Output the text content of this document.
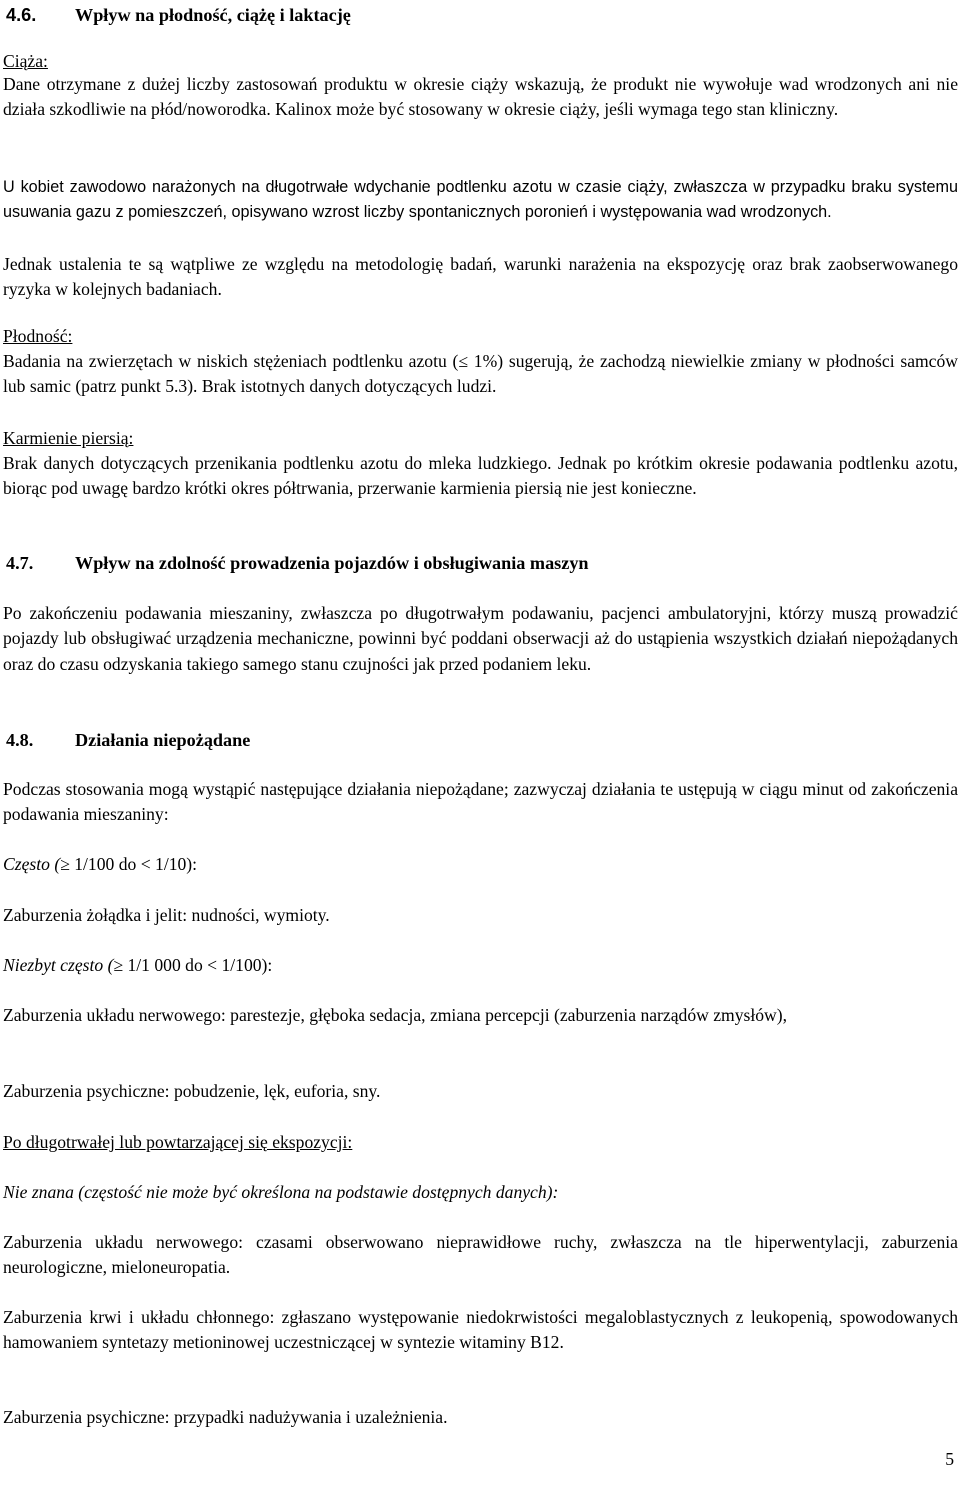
4.6. Wpływ na płodność, ciążę i laktację
Ciąża:

Dane otrzymane z dużej liczby zastosowań produktu w okresie ciąży wskazują, że produkt nie wywołuje wad wrodzonych ani nie działa szkodliwie na płód/noworodka. Kalinox może być stosowany w okresie ciąży, jeśli wymaga tego stan kliniczny.

U kobiet zawodowo narażonych na długotrwałe wdychanie podtlenku azotu w czasie ciąży, zwłaszcza w przypadku braku systemu usuwania gazu z pomieszczeń, opisywano wzrost liczby spontanicznych poronień i występowania wad wrodzonych.

Jednak ustalenia te są wątpliwe ze względu na metodologię badań, warunki narażenia na ekspozycję oraz brak zaobserwowanego ryzyka w kolejnych badaniach.

Płodność:

Badania na zwierzętach w niskich stężeniach podtlenku azotu (≤ 1%) sugerują, że zachodzą niewielkie zmiany w płodności samców lub samic (patrz punkt 5.3). Brak istotnych danych dotyczących ludzi.

Karmienie piersią:

Brak danych dotyczących przenikania podtlenku azotu do mleka ludzkiego. Jednak po krótkim okresie podawania podtlenku azotu, biorąc pod uwagę bardzo krótki okres półtrwania, przerwanie karmienia piersią nie jest konieczne.

4.7. Wpływ na zdolność prowadzenia pojazdów i obsługiwania maszyn

Po zakończeniu podawania mieszaniny, zwłaszcza po długotrwałym podawaniu, pacjenci ambulatoryjni, którzy muszą prowadzić pojazdy lub obsługiwać urządzenia mechaniczne, powinni być poddani obserwacji aż do ustąpienia wszystkich działań niepożądanych oraz do czasu odzyskania takiego samego stanu czujności jak przed podaniem leku.

4.8. Działania niepożądane

Podczas stosowania mogą wystąpić następujące działania niepożądane; zazwyczaj działania te ustępują w ciągu minut od zakończenia podawania mieszaniny:

Często (≥ 1/100 do < 1/10):

Zaburzenia żołądka i jelit: nudności, wymioty.

Niezbyt często (≥ 1/1 000 do < 1/100):

Zaburzenia układu nerwowego: parestezje, głęboka sedacja, zmiana percepcji (zaburzenia narządów zmysłów),

Zaburzenia psychiczne: pobudzenie, lęk, euforia, sny.

Po długotrwałej lub powtarzającej się ekspozycji:
Nie znana (częstość nie może być określona na podstawie dostępnych danych):

Zaburzenia układu nerwowego: czasami obserwowano nieprawidłowe ruchy, zwłaszcza na tle hiperwentylacji, zaburzenia neurologiczne, mieloneuropatia.

Zaburzenia krwi i układu chłonnego: zgłaszano występowanie niedokrwistości megaloblastycznych z leukopenią, spowodowanych hamowaniem syntetazy metioninowej uczestniczącej w syntezie witaminy B12.

Zaburzenia psychiczne: przypadki nadużywania i uzależnienia.

5
